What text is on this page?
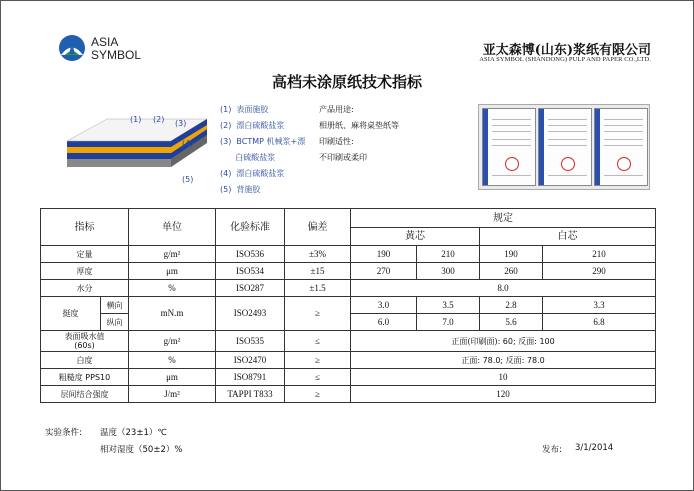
ASIA
SYMBOL	亚太森博(山东)浆纸有限公司
ASIA SYMBOL (SHANDONG) PULP AND PAPER CO.,LTD.
高档未涂原纸技术指标
(1) (2) (3)
(4)
(5)
(1)  表面施胶
(2)  漂白硫酸盐浆
(3)  BCTMP 机械浆+漂
白硫酸盐浆
(4)  漂白硫酸盐浆
(5)  背施胶
产品用途:
相册纸、麻将桌垫纸等
印刷适性:
不印刷或柔印
指标		单位	化验标准	偏差	规定			
					黄芯		白芯	
定量		g/m²	ISO536	±3%	190	210	190	210
厚度		μm	ISO534	±15	270	300	260	290
水分		%	ISO287	±1.5	8.0			
挺度	横向	mN.m	ISO2493	≥	3.0	3.5	2.8	3.3
	纵向				6.0	7.0	5.6	6.8

表面吸水值
(60s)		g/m²	ISO535	≤	正面(印刷面): 60; 反面: 100			
白度		%	ISO2470	≥	正面: 78.0; 反面: 78.0			
粗糙度 PPS10		μm	ISO8791	≤	10			
层间结合强度		J/m²	TAPPI T833	≥	120			
实验条件: 温度（23±1）℃
相对湿度（50±2）%	发布: 3/1/2014
